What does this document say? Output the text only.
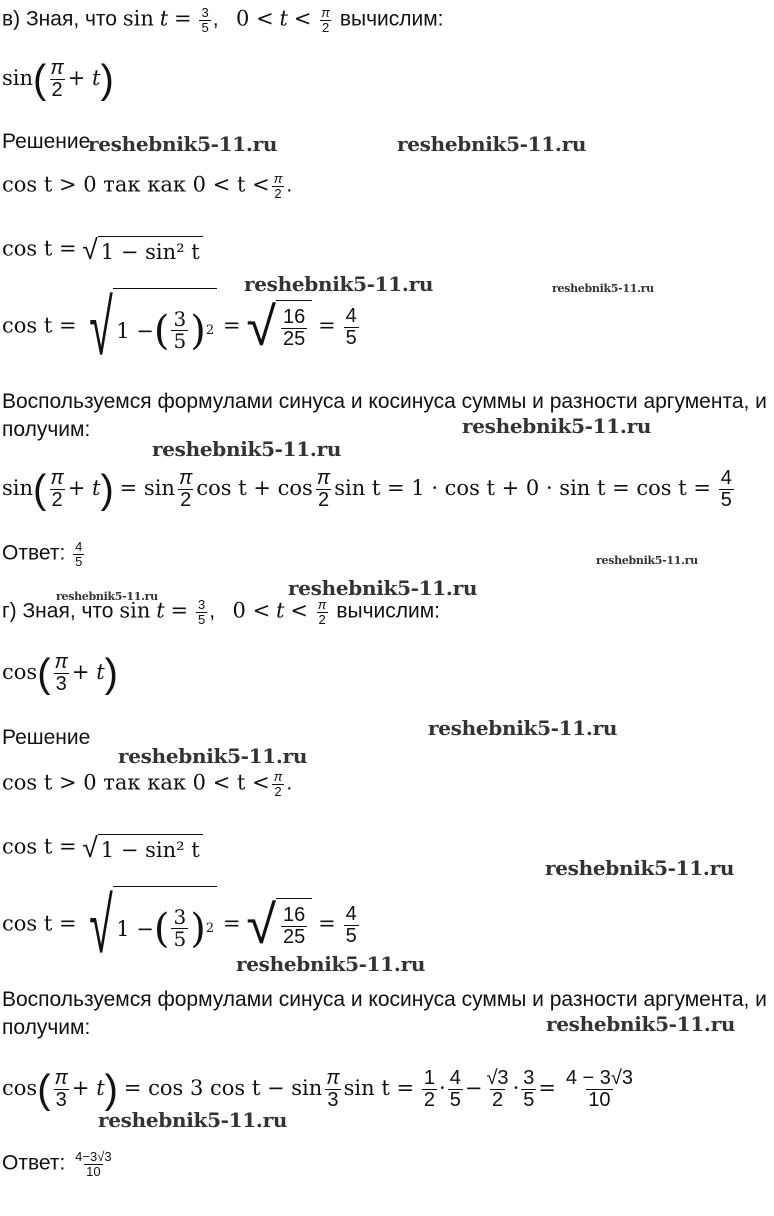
в) Зная, что $\sin t = \frac{3}{5}$ ,   $0 < t < \frac{\pi}{2}$ вычислим:
$\sin( \frac{\pi}{2} + t)$
Решение
cos t > 0 так как $0 < t < \frac{\pi}{2}$ .
cos t = √ 1 − sin² t
cos t = √ 1 − ( $\frac{3}{5}$ ) 2 = √ $\frac{16}{25} = \frac{4}{5}$
Воспользуемся формулами синуса и косинуса суммы и разности аргумента, и получим:
$\sin( \frac{\pi}{2} + t) = \sin \frac{\pi}{2}$ $\cos t + \cos \frac{\pi}{2}$ $\sin t = 1 \cdot \cos t + 0 \cdot \sin t = \cos t = \frac{4}{5}$
Ответ: $\frac{4}{5}$
г) Зная, что $\sin t = \frac{3}{5}$ ,   $0 < t < \frac{\pi}{2}$ вычислим:
$\cos( \frac{\pi}{3} + t)$
Решение
cos t > 0 так как $0 < t < \frac{\pi}{2}$ .
cos t = √ 1 − sin² t
cos t = √ 1 − ( $\frac{3}{5}$ ) 2 = √ $\frac{16}{25} = \frac{4}{5}$
Воспользуемся формулами синуса и косинуса суммы и разности аргумента, и получим:
$\cos( \frac{\pi}{3} + t) = \cos 3$ $\cos t - \sin \frac{\pi}{3}$ $\sin t = \frac{1}{2} \cdot \frac{4}{5} - \frac{√3}{2} \cdot \frac{3}{5} = \frac{4 - 3√3}{10}$
Ответ: $\frac{4-3√3}{10}$
reshebnik5-11.ru	reshebnik5-11.ru
reshebnik5-11.ru	reshebnik5-11.ru
reshebnik5-11.ru
reshebnik5-11.ru
reshebnik5-11.ru
reshebnik5-11.ru	reshebnik5-11.ru
reshebnik5-11.ru
reshebnik5-11.ru
reshebnik5-11.ru
reshebnik5-11.ru
reshebnik5-11.ru
reshebnik5-11.ru
